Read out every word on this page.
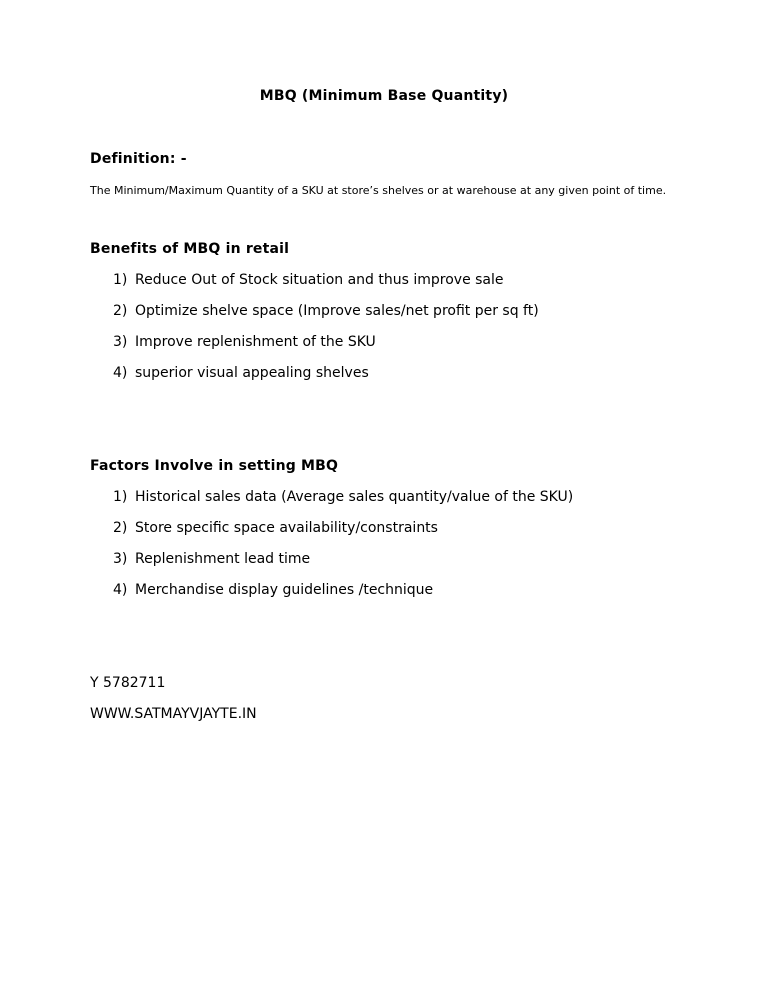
MBQ (Minimum Base Quantity)
Definition: -
The Minimum/Maximum Quantity of a SKU at store’s shelves or at warehouse at any given point of time.
Benefits of MBQ in retail
1) Reduce Out of Stock situation and thus improve sale
2) Optimize shelve space (Improve sales/net profit per sq ft)
3) Improve replenishment of the SKU
4) superior visual appealing shelves
Factors Involve in setting MBQ
1) Historical sales data (Average sales quantity/value of the SKU)
2) Store specific space availability/constraints
3) Replenishment lead time
4) Merchandise display guidelines /technique
Y 5782711
WWW.SATMAYVJAYTE.IN
